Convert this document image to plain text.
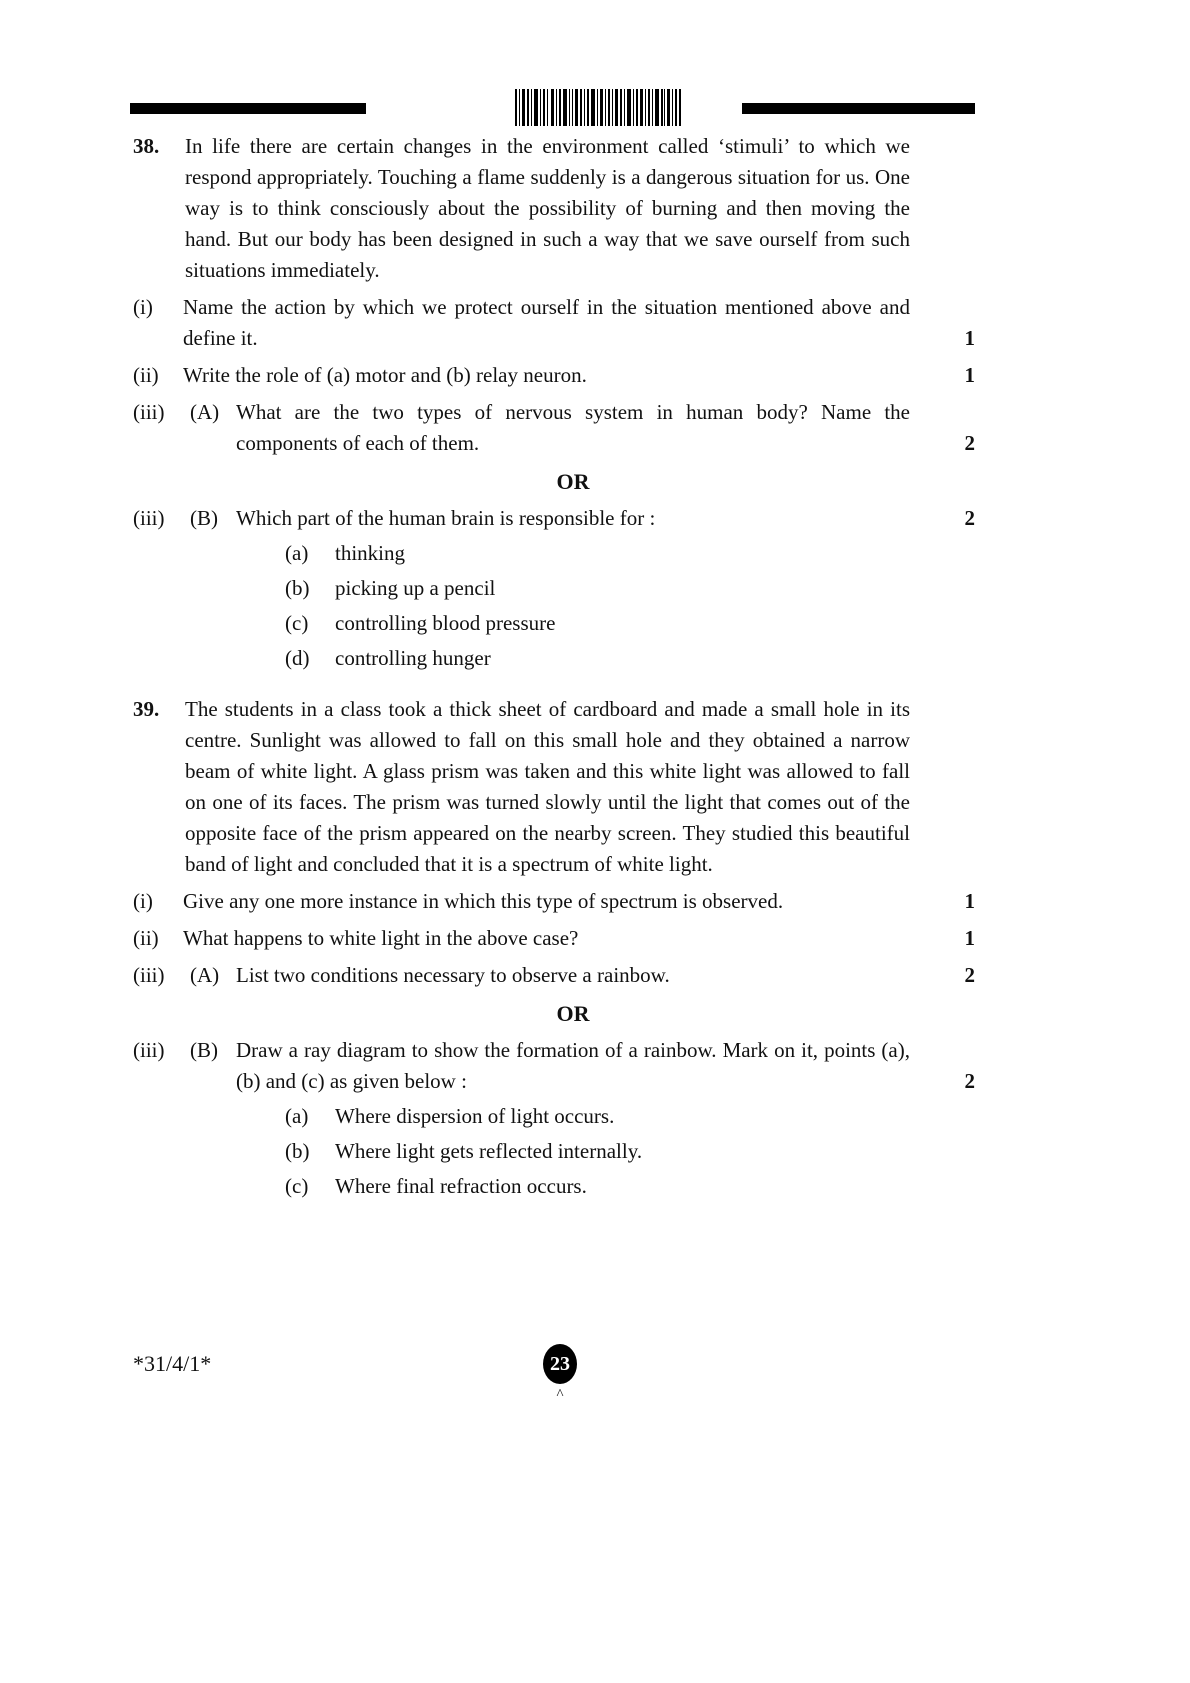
38.	In life there are certain changes in the environment called ‘stimuli’ to which we respond appropriately. Touching a flame suddenly is a dangerous situation for us. One way is to think consciously about the possibility of burning and then moving the hand. But our body has been designed in such a way that we save ourself from such situations immediately.
(i)	Name the action by which we protect ourself in the situation mentioned above and define it.	1
(ii)	Write the role of (a) motor and (b) relay neuron.	1
(iii)	(A) What are the two types of nervous system in human body? Name the components of each of them.	2
OR
(iii)	(B) Which part of the human brain is responsible for :	2
(a)	thinking
(b)	picking up a pencil
(c)	controlling blood pressure
(d)	controlling hunger
39.	The students in a class took a thick sheet of cardboard and made a small hole in its centre. Sunlight was allowed to fall on this small hole and they obtained a narrow beam of white light. A glass prism was taken and this white light was allowed to fall on one of its faces. The prism was turned slowly until the light that comes out of the opposite face of the prism appeared on the nearby screen. They studied this beautiful band of light and concluded that it is a spectrum of white light.
(i)	Give any one more instance in which this type of spectrum is observed.	1
(ii)	What happens to white light in the above case?	1
(iii)	(A) List two conditions necessary to observe a rainbow.	2
OR
(iii)	(B) Draw a ray diagram to show the formation of a rainbow. Mark on it, points (a), (b) and (c) as given below :	2
(a)	Where dispersion of light occurs.
(b)	Where light gets reflected internally.
(c)	Where final refraction occurs.
*31/4/1*	23
^
